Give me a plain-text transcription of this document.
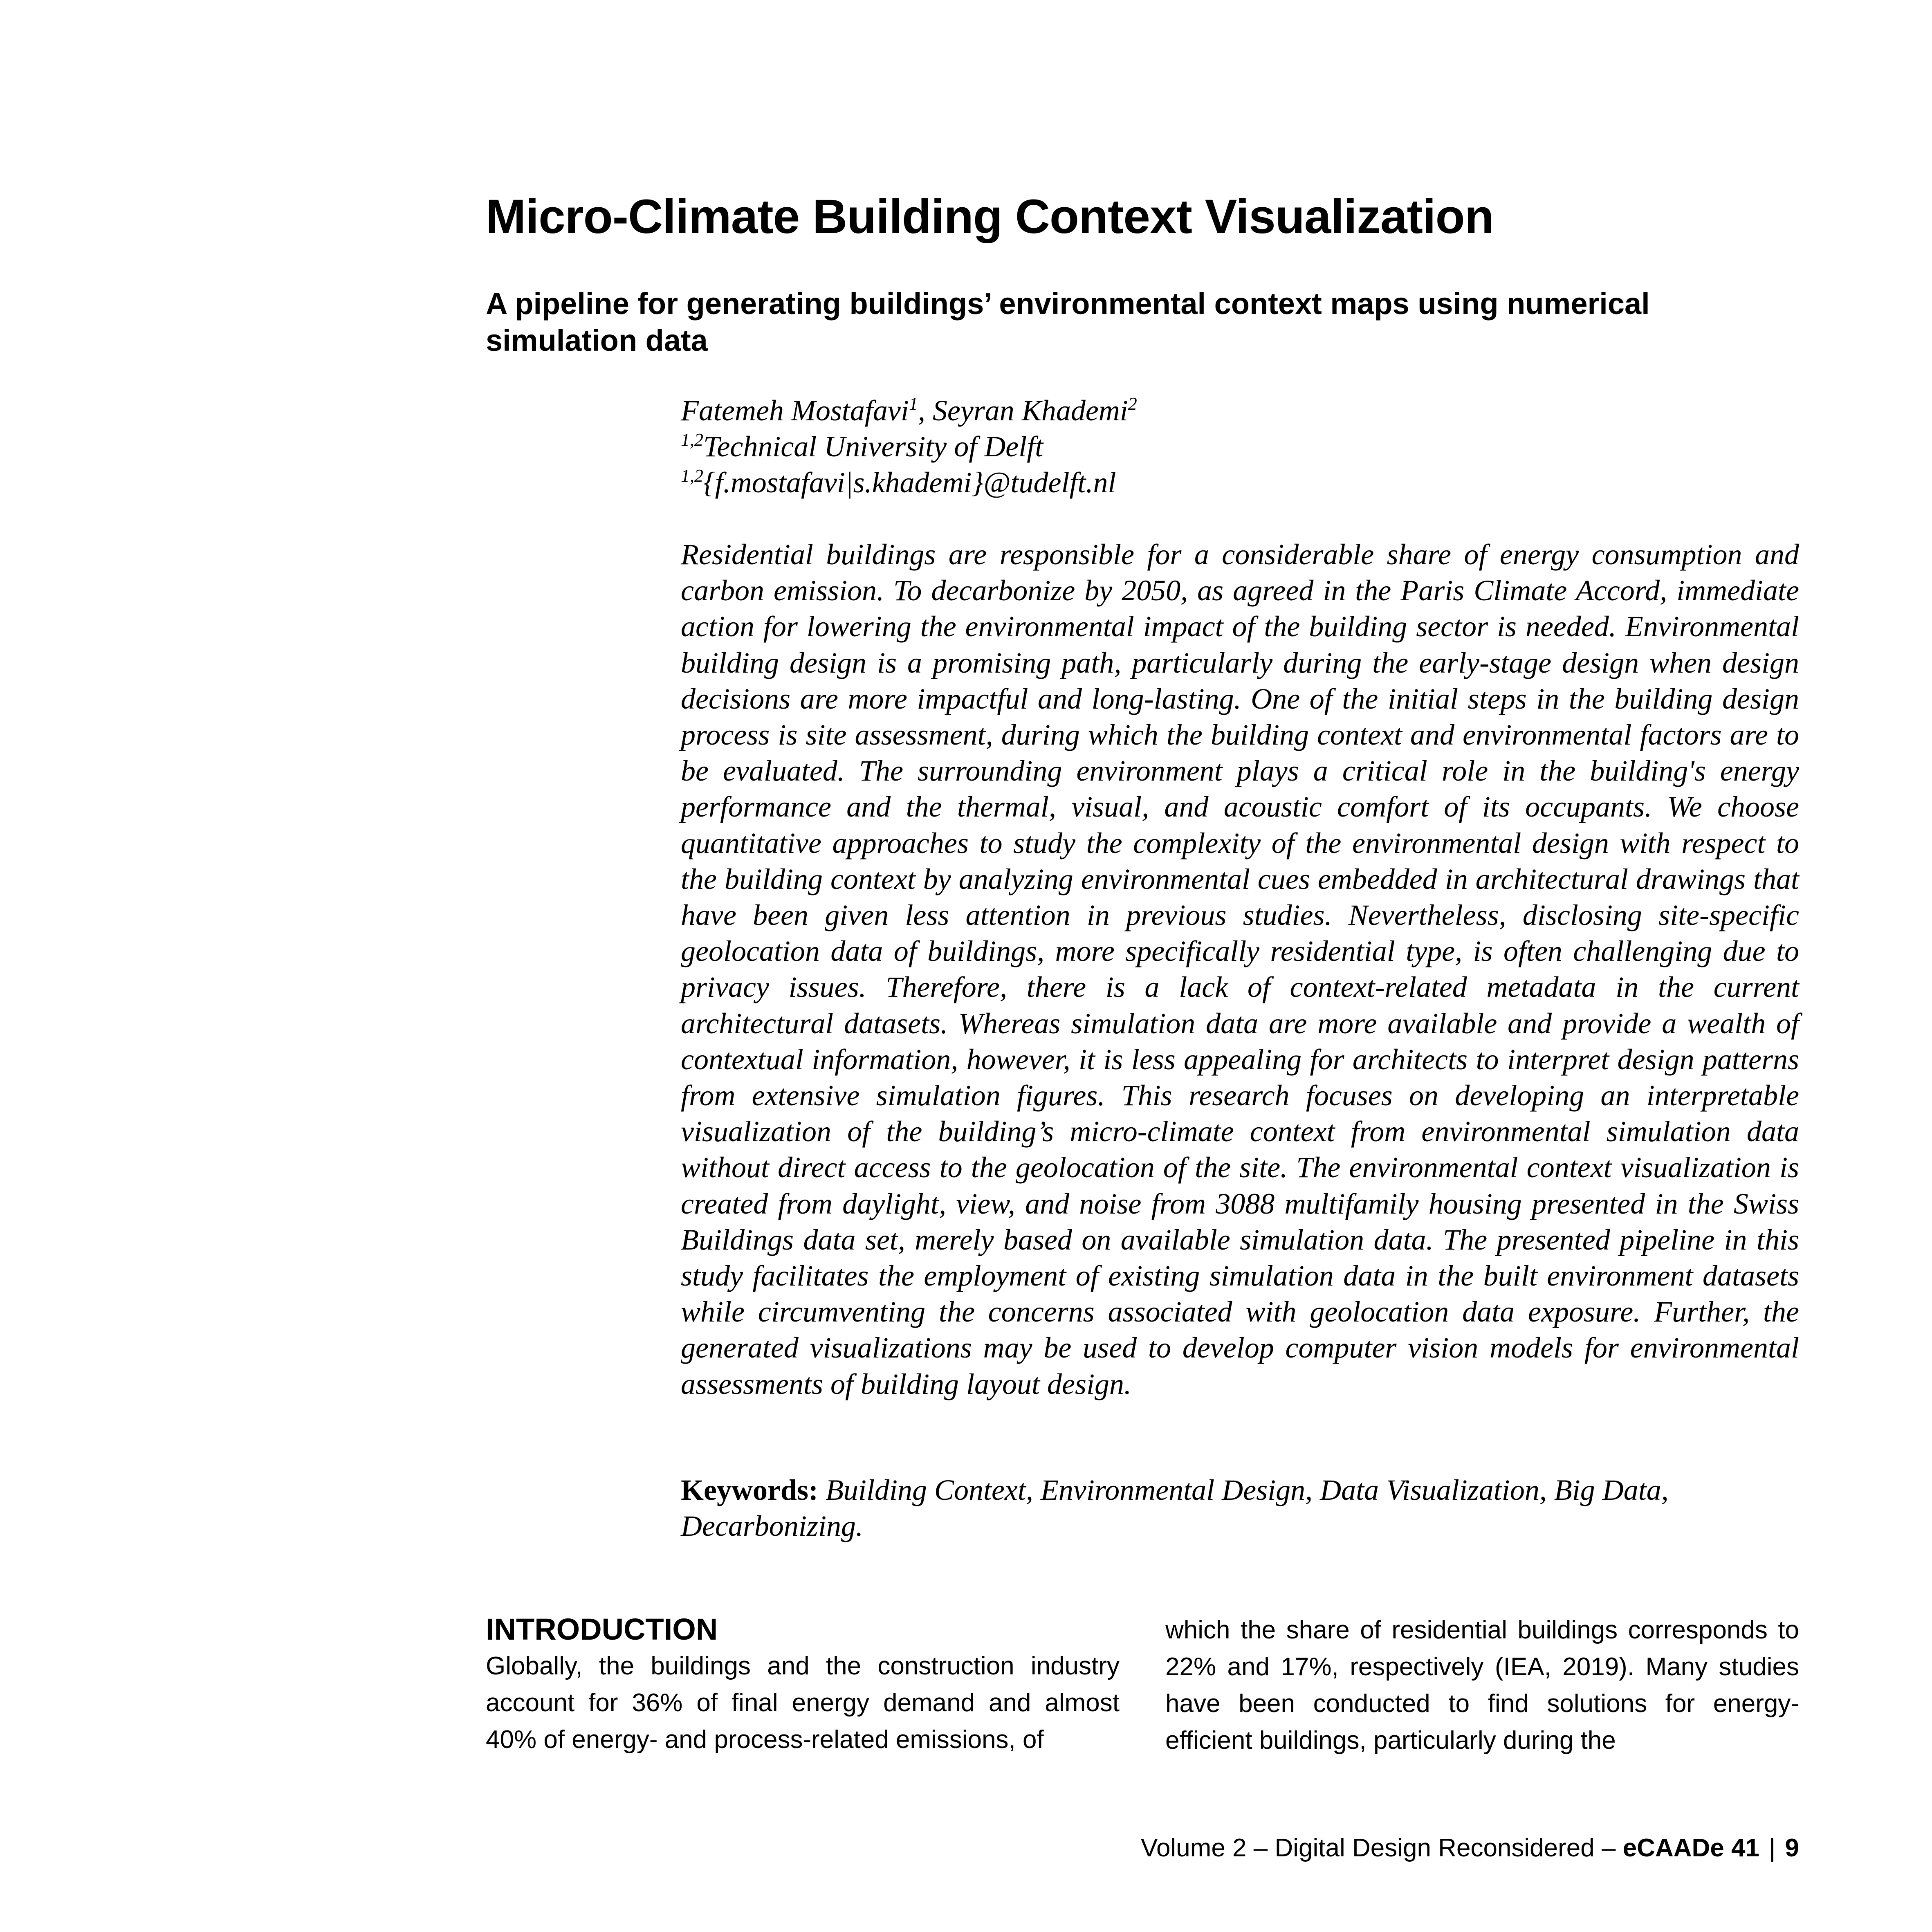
Micro-Climate Building Context Visualization
A pipeline for generating buildings’ environmental context maps using numerical simulation data
Fatemeh Mostafavi$^1$, Seyran Khademi$^2$
$^{1,2}$Technical University of Delft
$^{1,2}${f.mostafavi|s.khademi}@tudelft.nl

Residential buildings are responsible for a considerable share of energy consumption and carbon emission. To decarbonize by 2050, as agreed in the Paris Climate Accord, immediate action for lowering the environmental impact of the building sector is needed. Environmental building design is a promising path, particularly during the early-stage design when design decisions are more impactful and long-lasting. One of the initial steps in the building design process is site assessment, during which the building context and environmental factors are to be evaluated. The surrounding environment plays a critical role in the building's energy performance and the thermal, visual, and acoustic comfort of its occupants. We choose quantitative approaches to study the complexity of the environmental design with respect to the building context by analyzing environmental cues embedded in architectural drawings that have been given less attention in previous studies. Nevertheless, disclosing site-specific geolocation data of buildings, more specifically residential type, is often challenging due to privacy issues. Therefore, there is a lack of context-related metadata in the current architectural datasets. Whereas simulation data are more available and provide a wealth of contextual information, however, it is less appealing for architects to interpret design patterns from extensive simulation figures. This research focuses on developing an interpretable visualization of the building’s micro-climate context from environmental simulation data without direct access to the geolocation of the site. The environmental context visualization is created from daylight, view, and noise from 3088 multifamily housing presented in the Swiss Buildings data set, merely based on available simulation data. The presented pipeline in this study facilitates the employment of existing simulation data in the built environment datasets while circumventing the concerns associated with geolocation data exposure. Further, the generated visualizations may be used to develop computer vision models for environmental assessments of building layout design.

Keywords: Building Context, Environmental Design, Data Visualization, Big Data, Decarbonizing.

INTRODUCTION

Globally, the buildings and the construction industry account for 36% of final energy demand and almost 40% of energy- and process-related emissions, of

which the share of residential buildings corresponds to 22% and 17%, respectively (IEA, 2019). Many studies have been conducted to find solutions for energy-efficient buildings, particularly during the

Volume 2 – Digital Design Reconsidered – eCAADe 41 | 9
